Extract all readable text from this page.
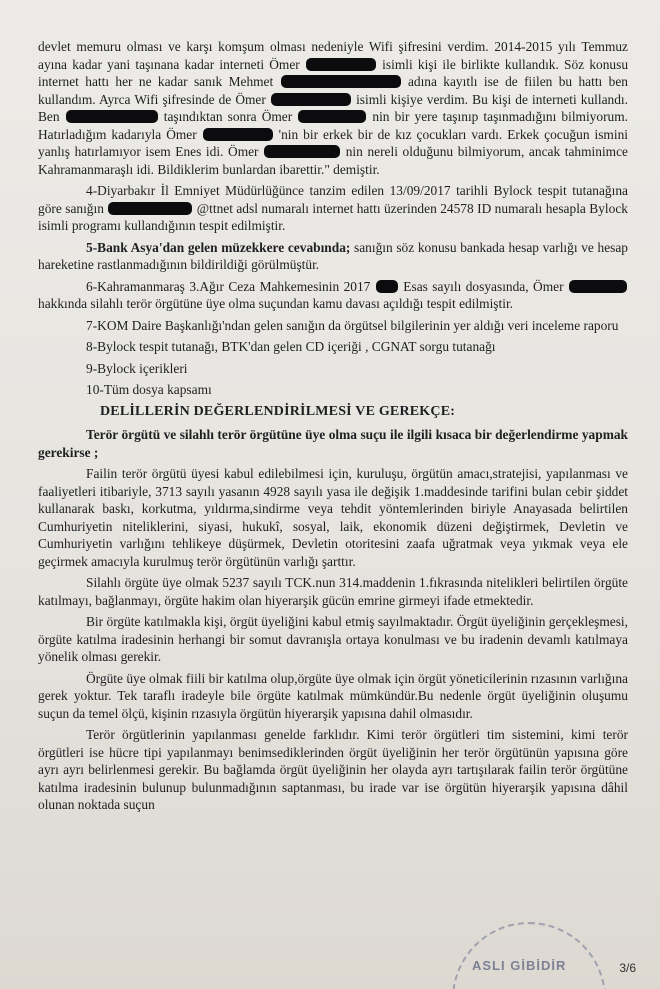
devlet memuru olması ve karşı komşum olması nedeniyle Wifi şifresini verdim. 2014-2015 yılı Temmuz ayına kadar yani taşınana kadar interneti Ömer	isimli kişi ile birlikte kullandık. Söz konusu internet hattı her ne kadar sanık Mehmet	adına kayıtlı ise de fiilen bu hattı ben kullandım. Ayrca Wifi şifresinde de Ömer	isimli kişiye verdim. Bu kişi de interneti kullandı. Ben	taşındıktan sonra Ömer	nin bir yere taşınıp taşınmadığını bilmiyorum. Hatırladığım kadarıyla Ömer	'nin bir erkek bir de kız çocukları vardı. Erkek çocuğun ismini yanlış hatırlamıyor isem Enes idi. Ömer	nin nereli olduğunu bilmiyorum, ancak tahminimce Kahramanmaraşlı idi. Bildiklerim bunlardan ibarettir." demiştir.

4-Diyarbakır İl Emniyet Müdürlüğünce tanzim edilen 13/09/2017 tarihli Bylock tespit tutanağına göre sanığın	@ttnet adsl numaralı internet hattı üzerinden 24578 ID numaralı hesapla Bylock isimli programı kullandığının tespit edilmiştir.

5-Bank Asya'dan gelen müzekkere cevabında; sanığın söz konusu bankada hesap varlığı ve hesap hareketine rastlanmadığının bildirildiği görülmüştür.

6-Kahramanmaraş 3.Ağır Ceza Mahkemesinin 2017 Esas sayılı dosyasında, Ömer  hakkında silahlı terör örgütüne üye olma suçundan kamu davası açıldığı tespit edilmiştir.

7-KOM Daire Başkanlığı'ndan gelen sanığın da örgütsel bilgilerinin yer aldığı veri inceleme raporu

8-Bylock tespit tutanağı, BTK'dan gelen CD içeriği , CGNAT sorgu tutanağı

9-Bylock içerikleri

10-Tüm dosya kapsamı

DELİLLERİN DEĞERLENDİRİLMESİ VE GEREKÇE:

Terör örgütü ve silahlı terör örgütüne üye olma suçu ile ilgili kısaca bir değerlendirme yapmak gerekirse ;

Failin terör örgütü üyesi kabul edilebilmesi için, kuruluşu, örgütün amacı,stratejisi, yapılanması ve faaliyetleri itibariyle, 3713 sayılı yasanın 4928 sayılı yasa ile değişik 1.maddesinde tarifini bulan cebir şiddet kullanarak baskı, korkutma, yıldırma,sindirme veya tehdit yöntemlerinden biriyle Anayasada belirtilen Cumhuriyetin niteliklerini, siyasi, hukukî, sosyal, laik, ekonomik düzeni değiştirmek, Devletin ve Cumhuriyetin varlığını tehlikeye düşürmek, Devletin otoritesini zaafa uğratmak veya yıkmak veya ele geçirmek amacıyla kurulmuş terör örgütünün varlığı şarttır.

Silahlı örgüte üye olmak 5237 sayılı TCK.nun 314.maddenin 1.fıkrasında nitelikleri belirtilen örgüte katılmayı, bağlanmayı, örgüte hakim olan hiyerarşik gücün emrine girmeyi ifade etmektedir.

Bir örgüte katılmakla kişi, örgüt üyeliğini kabul etmiş sayılmaktadır. Örgüt üyeliğinin gerçekleşmesi, örgüte katılma iradesinin herhangi bir somut davranışla ortaya konulması ve bu iradenin devamlı katılmaya yönelik olması gerekir.

Örgüte üye olmak fiili bir katılma olup,örgüte üye olmak için örgüt yöneticilerinin rızasının varlığına gerek yoktur. Tek taraflı iradeyle bile örgüte katılmak mümkündür.Bu nedenle örgüt üyeliğinin oluşumu suçun da temel ölçü, kişinin rızasıyla örgütün hiyerarşik yapısına dahil olmasıdır.

Terör örgütlerinin yapılanması genelde farklıdır. Kimi terör örgütleri tim sistemini, kimi terör örgütleri ise hücre tipi yapılanmayı benimsediklerinden örgüt üyeliğinin her terör örgütünün yapısına göre ayrı ayrı belirlenmesi gerekir. Bu bağlamda örgüt üyeliğinin her olayda ayrı tartışılarak failin terör örgütüne katılma iradesinin bulunup bulunmadığının saptanması, bu irade var ise örgütün hiyerarşik yapısına dâhil olunan noktada suçun

ASLI GİBİDİR	3/6
